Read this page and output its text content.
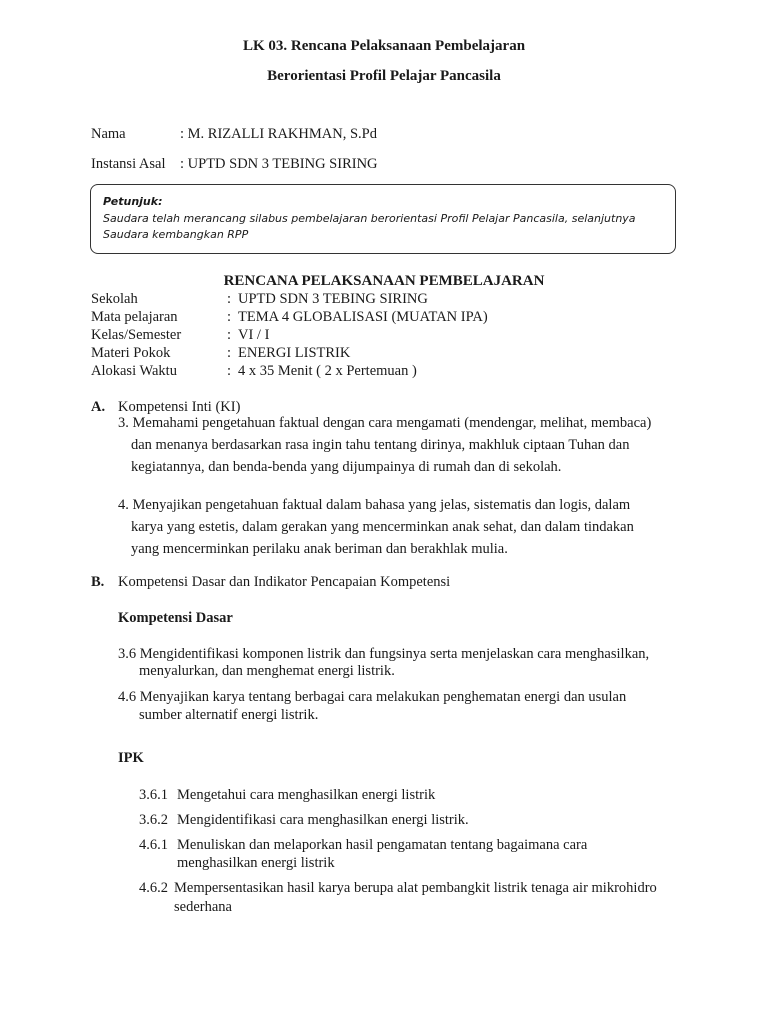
LK 03. Rencana Pelaksanaan Pembelajaran
Berorientasi Profil Pelajar Pancasila
Nama	: M. RIZALLI RAKHMAN, S.Pd
Instansi Asal : UPTD SDN 3 TEBING SIRING
Petunjuk:
Saudara telah merancang silabus pembelajaran berorientasi Profil Pelajar Pancasila, selanjutnya Saudara kembangkan RPP
RENCANA PELAKSANAAN PEMBELAJARAN
Sekolah	: UPTD SDN 3 TEBING SIRING
Mata pelajaran	: TEMA 4 GLOBALISASI (MUATAN IPA)
Kelas/Semester	: VI / I
Materi Pokok	: ENERGI LISTRIK
Alokasi Waktu	: 4 x 35 Menit ( 2 x Pertemuan )
A. Kompetensi Inti (KI)
3. Memahami pengetahuan faktual dengan cara mengamati (mendengar, melihat, membaca)
dan menanya berdasarkan rasa ingin tahu tentang dirinya, makhluk ciptaan Tuhan dan
kegiatannya, dan benda-benda yang dijumpainya di rumah dan di sekolah.
4. Menyajikan pengetahuan faktual dalam bahasa yang jelas, sistematis dan logis, dalam
karya yang estetis, dalam gerakan yang mencerminkan anak sehat, dan dalam tindakan
yang mencerminkan perilaku anak beriman dan berakhlak mulia.
B. Kompetensi Dasar dan Indikator Pencapaian Kompetensi
Kompetensi Dasar
3.6 Mengidentifikasi komponen listrik dan fungsinya serta menjelaskan cara menghasilkan,
menyalurkan, dan menghemat energi listrik.
4.6 Menyajikan karya tentang berbagai cara melakukan penghematan energi dan usulan
sumber alternatif energi listrik.
IPK
3.6.1 Mengetahui cara menghasilkan energi listrik
3.6.2 Mengidentifikasi cara menghasilkan energi listrik.
4.6.1 Menuliskan dan melaporkan hasil pengamatan tentang bagaimana cara
menghasilkan energi listrik
4.6.2 Mempersentasikan hasil karya berupa alat pembangkit listrik tenaga air mikrohidro
sederhana
